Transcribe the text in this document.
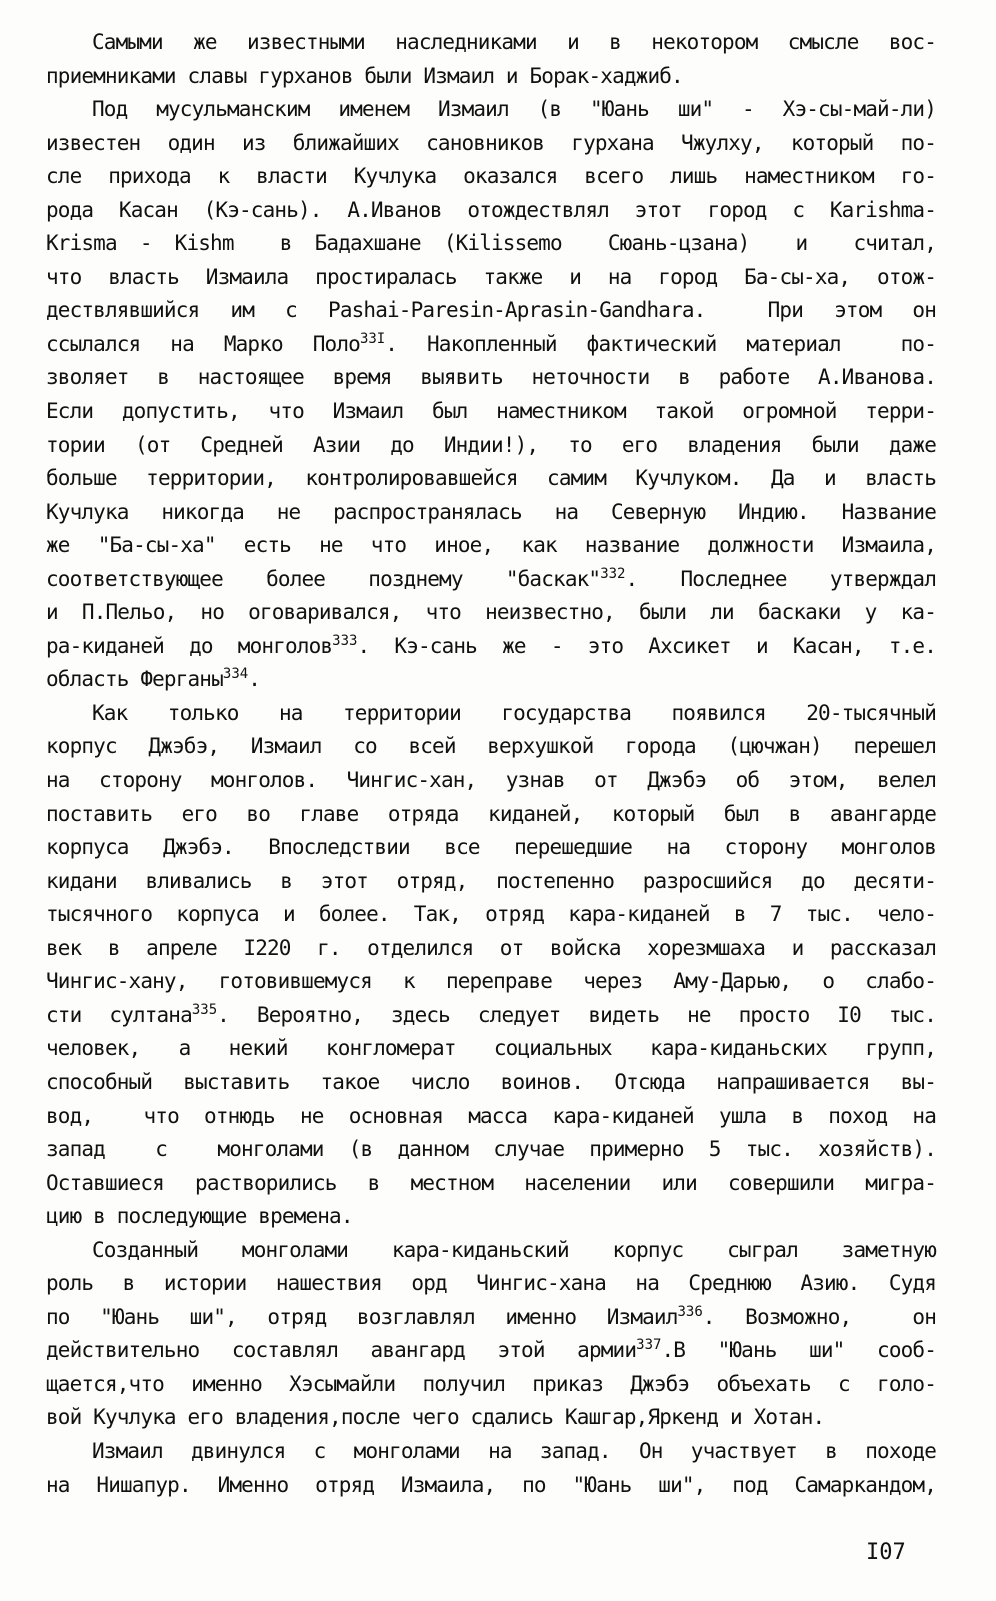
Самыми же известными наследниками и в некотором смысле вос-
приемниками славы гурханов были Измаил и Борак-хаджиб.
Под мусульманским именем Измаил (в "Юань ши" - Хэ-сы-май-ли)
известен один из ближайших сановников гурхана Чжулху, который по-
сле прихода к власти Кучлука оказался всего лишь наместником го-
рода Касан (Кэ-сань). А.Иванов отождествлял этот город с Karishma-
Krisma - Kishm  в Бадахшане (Kilissemo  Сюань-цзана)  и  считал,
что власть Измаила простиралась также и на город Ба-сы-ха, отож-
дествлявшийся им с Pashai-Paresin-Aprasin-Gandhara.  При этом он
ссылался на Марко Поло$^{33I}$. Накопленный фактический материал  по-
зволяет в настоящее время выявить неточности в работе А.Иванова.
Если допустить, что Измаил был наместником такой огромной терри-
тории (от Средней Азии до Индии!), то его владения были даже
больше территории, контролировавшейся самим Кучлуком. Да и власть
Кучлука никогда не распространялась на Северную Индию. Название
же "Ба-сы-ха" есть не что иное, как название должности Измаила,
соответствующее более позднему "баскак"$^{332}$. Последнее утверждал
и П.Пельо, но оговаривался, что неизвестно, были ли баскаки у ка-
ра-киданей до монголов$^{333}$. Кэ-сань же - это Ахсикет и Касан, т.е.
область Ферганы$^{334}$.
Как только на территории государства появился 20-тысячный
корпус Джэбэ, Измаил со всей верхушкой города (цючжан) перешел
на сторону монголов. Чингис-хан, узнав от Джэбэ об этом, велел
поставить его во главе отряда киданей, который был в авангарде
корпуса Джэбэ. Впоследствии все перешедшие на сторону монголов
кидани вливались в этот отряд, постепенно разросшийся до десяти-
тысячного корпуса и более. Так, отряд кара-киданей в 7 тыс. чело-
век в апреле I220 г. отделился от войска хорезмшаха и рассказал
Чингис-хану, готовившемуся к переправе через Аму-Дарью, о слабо-
сти султана$^{335}$. Вероятно, здесь следует видеть не просто I0 тыс.
человек, а некий конгломерат социальных кара-киданьских групп,
способный выставить такое число воинов. Отсюда напрашивается вы-
вод,  что отнюдь не основная масса кара-киданей ушла в поход на
запад  с  монголами (в данном случае примерно 5 тыс. хозяйств).
Оставшиеся растворились в местном населении или совершили мигра-
цию в последующие времена.
Созданный монголами кара-киданьский корпус сыграл заметную
роль в истории нашествия орд Чингис-хана на Среднюю Азию. Судя
по "Юань ши", отряд возглавлял именно Измаил$^{336}$. Возможно,  он
действительно составлял авангард этой армии$^{337}$.В "Юань ши" сооб-
щается,что именно Хэсымайли получил приказ Джэбэ объехать с голо-
вой Кучлука его владения,после чего сдались Кашгар,Яркенд и Хотан.
Измаил двинулся с монголами на запад. Он участвует в походе
на Нишапур. Именно отряд Измаила, по "Юань ши", под Самаркандом,
I07
